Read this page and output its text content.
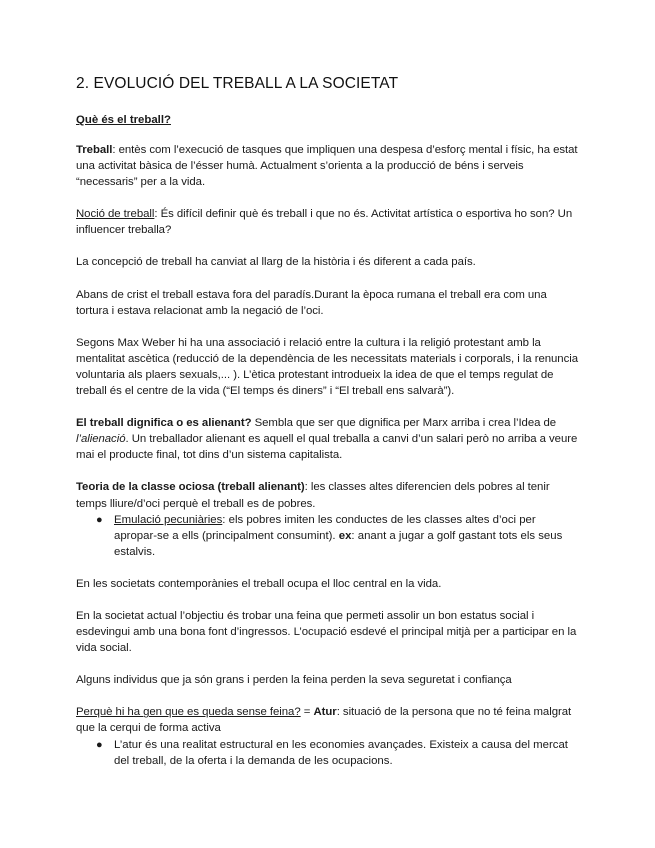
2. EVOLUCIÓ DEL TREBALL A LA SOCIETAT
Què és el treball?

Treball: entès com l’execució de tasques que impliquen una despesa d’esforç mental i físic, ha estat una activitat bàsica de l’ésser humà. Actualment s’orienta a la producció de béns i serveis “necessaris” per a la vida.

Noció de treball: És difícil definir què és treball i que no és. Activitat artística o esportiva ho son? Un influencer treballa?

La concepció de treball ha canviat al llarg de la història i és diferent a cada país.

Abans de crist el treball estava fora del paradís.Durant la època rumana el treball era com una tortura i estava relacionat amb la negació de l’oci.

Segons Max Weber hi ha una associació i relació entre la cultura i la religió protestant amb la mentalitat ascètica (reducció de la dependència de les necessitats materials i corporals, i la renuncia voluntaria als plaers sexuals,... ). L’ètica protestant introdueix la idea de que el temps regulat de treball és el centre de la vida (“El temps és diners” i “El treball ens salvarà”).

El treball dignifica o es alienant? Sembla que ser que dignifica per Marx arriba i crea l’Idea de l’alienació. Un treballador alienant es aquell el qual treballa a canvi d’un salari però no arriba a veure mai el producte final, tot dins d’un sistema capitalista.

Teoria de la classe ociosa (treball alienant): les classes altes diferencien dels pobres al tenir temps lliure/d’oci perquè el treball es de pobres.

● Emulació pecuniàries: els pobres imiten les conductes de les classes altes d’oci per apropar-se a ells (principalment consumint). ex: anant a jugar a golf gastant tots els seus estalvis.

En les societats contemporànies el treball ocupa el lloc central en la vida.

En la societat actual l’objectiu és trobar una feina que permeti assolir un bon estatus social i esdevingui amb una bona font d’ingressos. L’ocupació esdevé el principal mitjà per a participar en la vida social.

Alguns individus que ja són grans i perden la feina perden la seva seguretat i confiança

Perquè hi ha gen que es queda sense feina? = Atur: situació de la persona que no té feina malgrat que la cerqui de forma activa

● L’atur és una realitat estructural en les economies avançades. Existeix a causa del mercat del treball, de la oferta i la demanda de les ocupacions.
